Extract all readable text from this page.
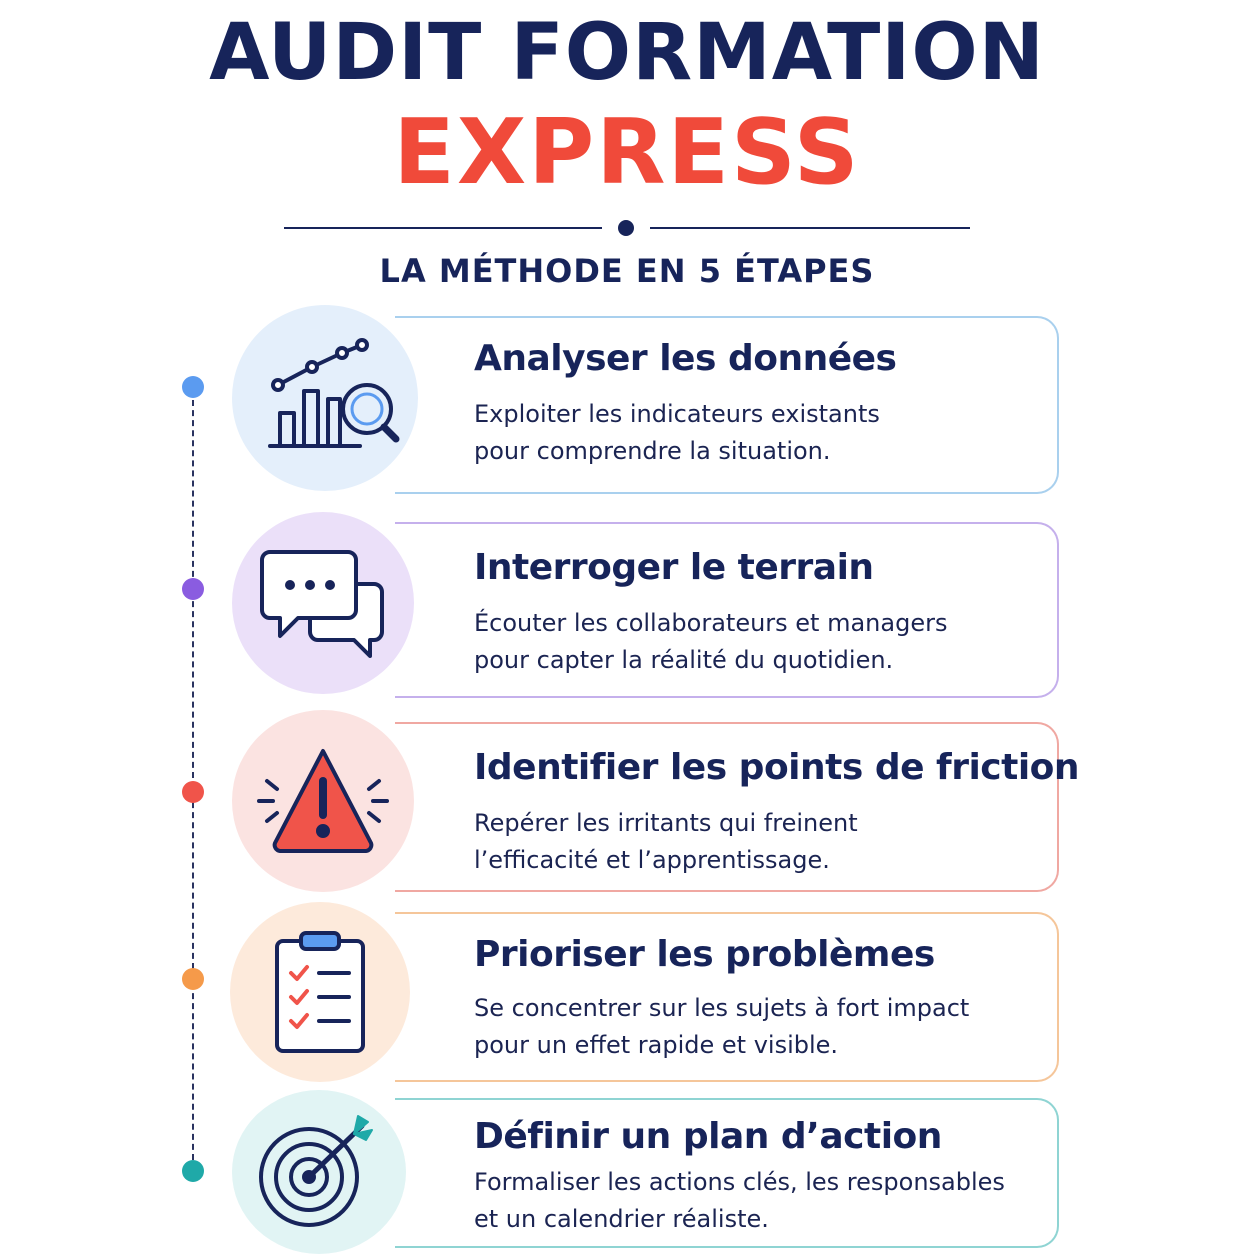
AUDIT FORMATION
EXPRESS
LA MÉTHODE EN 5 ÉTAPES
Analyser les données
Exploiter les indicateurs existants
pour comprendre la situation.
Interroger le terrain
Écouter les collaborateurs et managers
pour capter la réalité du quotidien.
Identifier les points de friction
Repérer les irritants qui freinent
l’efficacité et l’apprentissage.
Prioriser les problèmes
Se concentrer sur les sujets à fort impact
pour un effet rapide et visible.
Définir un plan d’action
Formaliser les actions clés, les responsables
et un calendrier réaliste.
